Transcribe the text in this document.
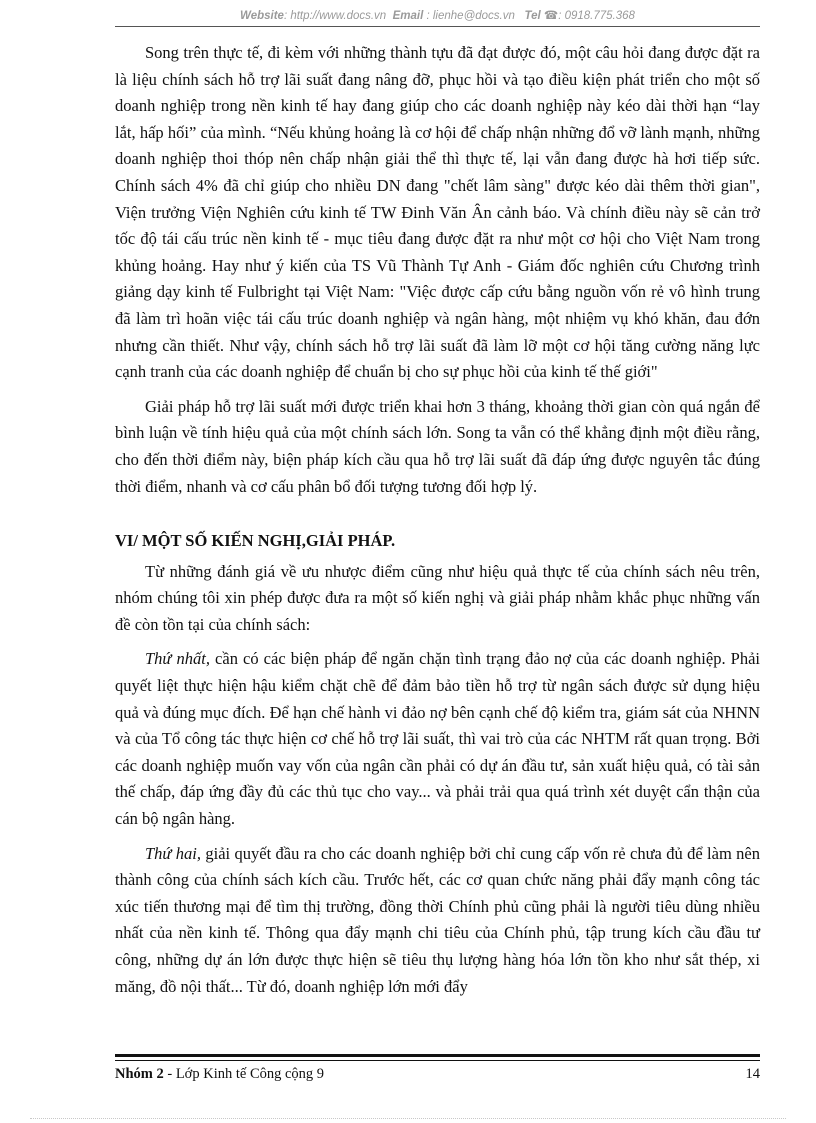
Website: http://www.docs.vn Email : lienhe@docs.vn Tel ☎: 0918.775.368

Song trên thực tế, đi kèm với những thành tựu đã đạt được đó, một câu hỏi đang được đặt ra là liệu chính sách hỗ trợ lãi suất đang nâng đỡ, phục hồi và tạo điều kiện phát triển cho một số doanh nghiệp trong nền kinh tế hay đang giúp cho các doanh nghiệp này kéo dài thời hạn “lay lắt, hấp hối” của mình. “Nếu khủng hoảng là cơ hội để chấp nhận những đổ vỡ lành mạnh, những doanh nghiệp thoi thóp nên chấp nhận giải thể thì thực tế, lại vẫn đang được hà hơi tiếp sức. Chính sách 4% đã chỉ giúp cho nhiều DN đang "chết lâm sàng" được kéo dài thêm thời gian", Viện trưởng Viện Nghiên cứu kinh tế TW Đinh Văn Ân cảnh báo. Và chính điều này sẽ cản trở tốc độ tái cấu trúc nền kinh tế - mục tiêu đang được đặt ra như một cơ hội cho Việt Nam trong khủng hoảng. Hay như ý kiến của TS Vũ Thành Tự Anh - Giám đốc nghiên cứu Chương trình giảng dạy kinh tế Fulbright tại Việt Nam: "Việc được cấp cứu bằng nguồn vốn rẻ vô hình trung đã làm trì hoãn việc tái cấu trúc doanh nghiệp và ngân hàng, một nhiệm vụ khó khăn, đau đớn nhưng cần thiết. Như vậy, chính sách hỗ trợ lãi suất đã làm lỡ một cơ hội tăng cường năng lực cạnh tranh của các doanh nghiệp để chuẩn bị cho sự phục hồi của kinh tế thế giới"

Giải pháp hỗ trợ lãi suất mới được triển khai hơn 3 tháng, khoảng thời gian còn quá ngắn để bình luận về tính hiệu quả của một chính sách lớn. Song ta vẫn có thể khẳng định một điều rằng, cho đến thời điểm này, biện pháp kích cầu qua hỗ trợ lãi suất đã đáp ứng được nguyên tắc đúng thời điểm, nhanh và cơ cấu phân bổ đối tượng tương đối hợp lý.

VI/ MỘT SỐ KIẾN NGHỊ,GIẢI PHÁP.

Từ những đánh giá về ưu nhược điểm cũng như hiệu quả thực tế của chính sách nêu trên, nhóm chúng tôi xin phép được đưa ra một số kiến nghị và giải pháp nhằm khắc phục những vấn đề còn tồn tại của chính sách:

Thứ nhất, cần có các biện pháp để ngăn chặn tình trạng đảo nợ của các doanh nghiệp. Phải quyết liệt thực hiện hậu kiểm chặt chẽ để đảm bảo tiền hỗ trợ từ ngân sách được sử dụng hiệu quả và đúng mục đích. Để hạn chế hành vi đảo nợ bên cạnh chế độ kiểm tra, giám sát của NHNN và của Tổ công tác thực hiện cơ chế hỗ trợ lãi suất, thì vai trò của các NHTM rất quan trọng. Bởi các doanh nghiệp muốn vay vốn của ngân cần phải có dự án đầu tư, sản xuất hiệu quả, có tài sản thế chấp, đáp ứng đầy đủ các thủ tục cho vay... và phải trải qua quá trình xét duyệt cẩn thận của cán bộ ngân hàng.

Thứ hai, giải quyết đầu ra cho các doanh nghiệp bởi chỉ cung cấp vốn rẻ chưa đủ để làm nên thành công của chính sách kích cầu. Trước hết, các cơ quan chức năng phải đẩy mạnh công tác xúc tiến thương mại để tìm thị trường, đồng thời Chính phủ cũng phải là người tiêu dùng nhiều nhất của nền kinh tế. Thông qua đẩy mạnh chi tiêu của Chính phủ, tập trung kích cầu đầu tư công, những dự án lớn được thực hiện sẽ tiêu thụ lượng hàng hóa lớn tồn kho như sắt thép, xi măng, đồ nội thất... Từ đó, doanh nghiệp lớn mới đẩy

Nhóm 2 - Lớp Kinh tế Công cộng 9	14
